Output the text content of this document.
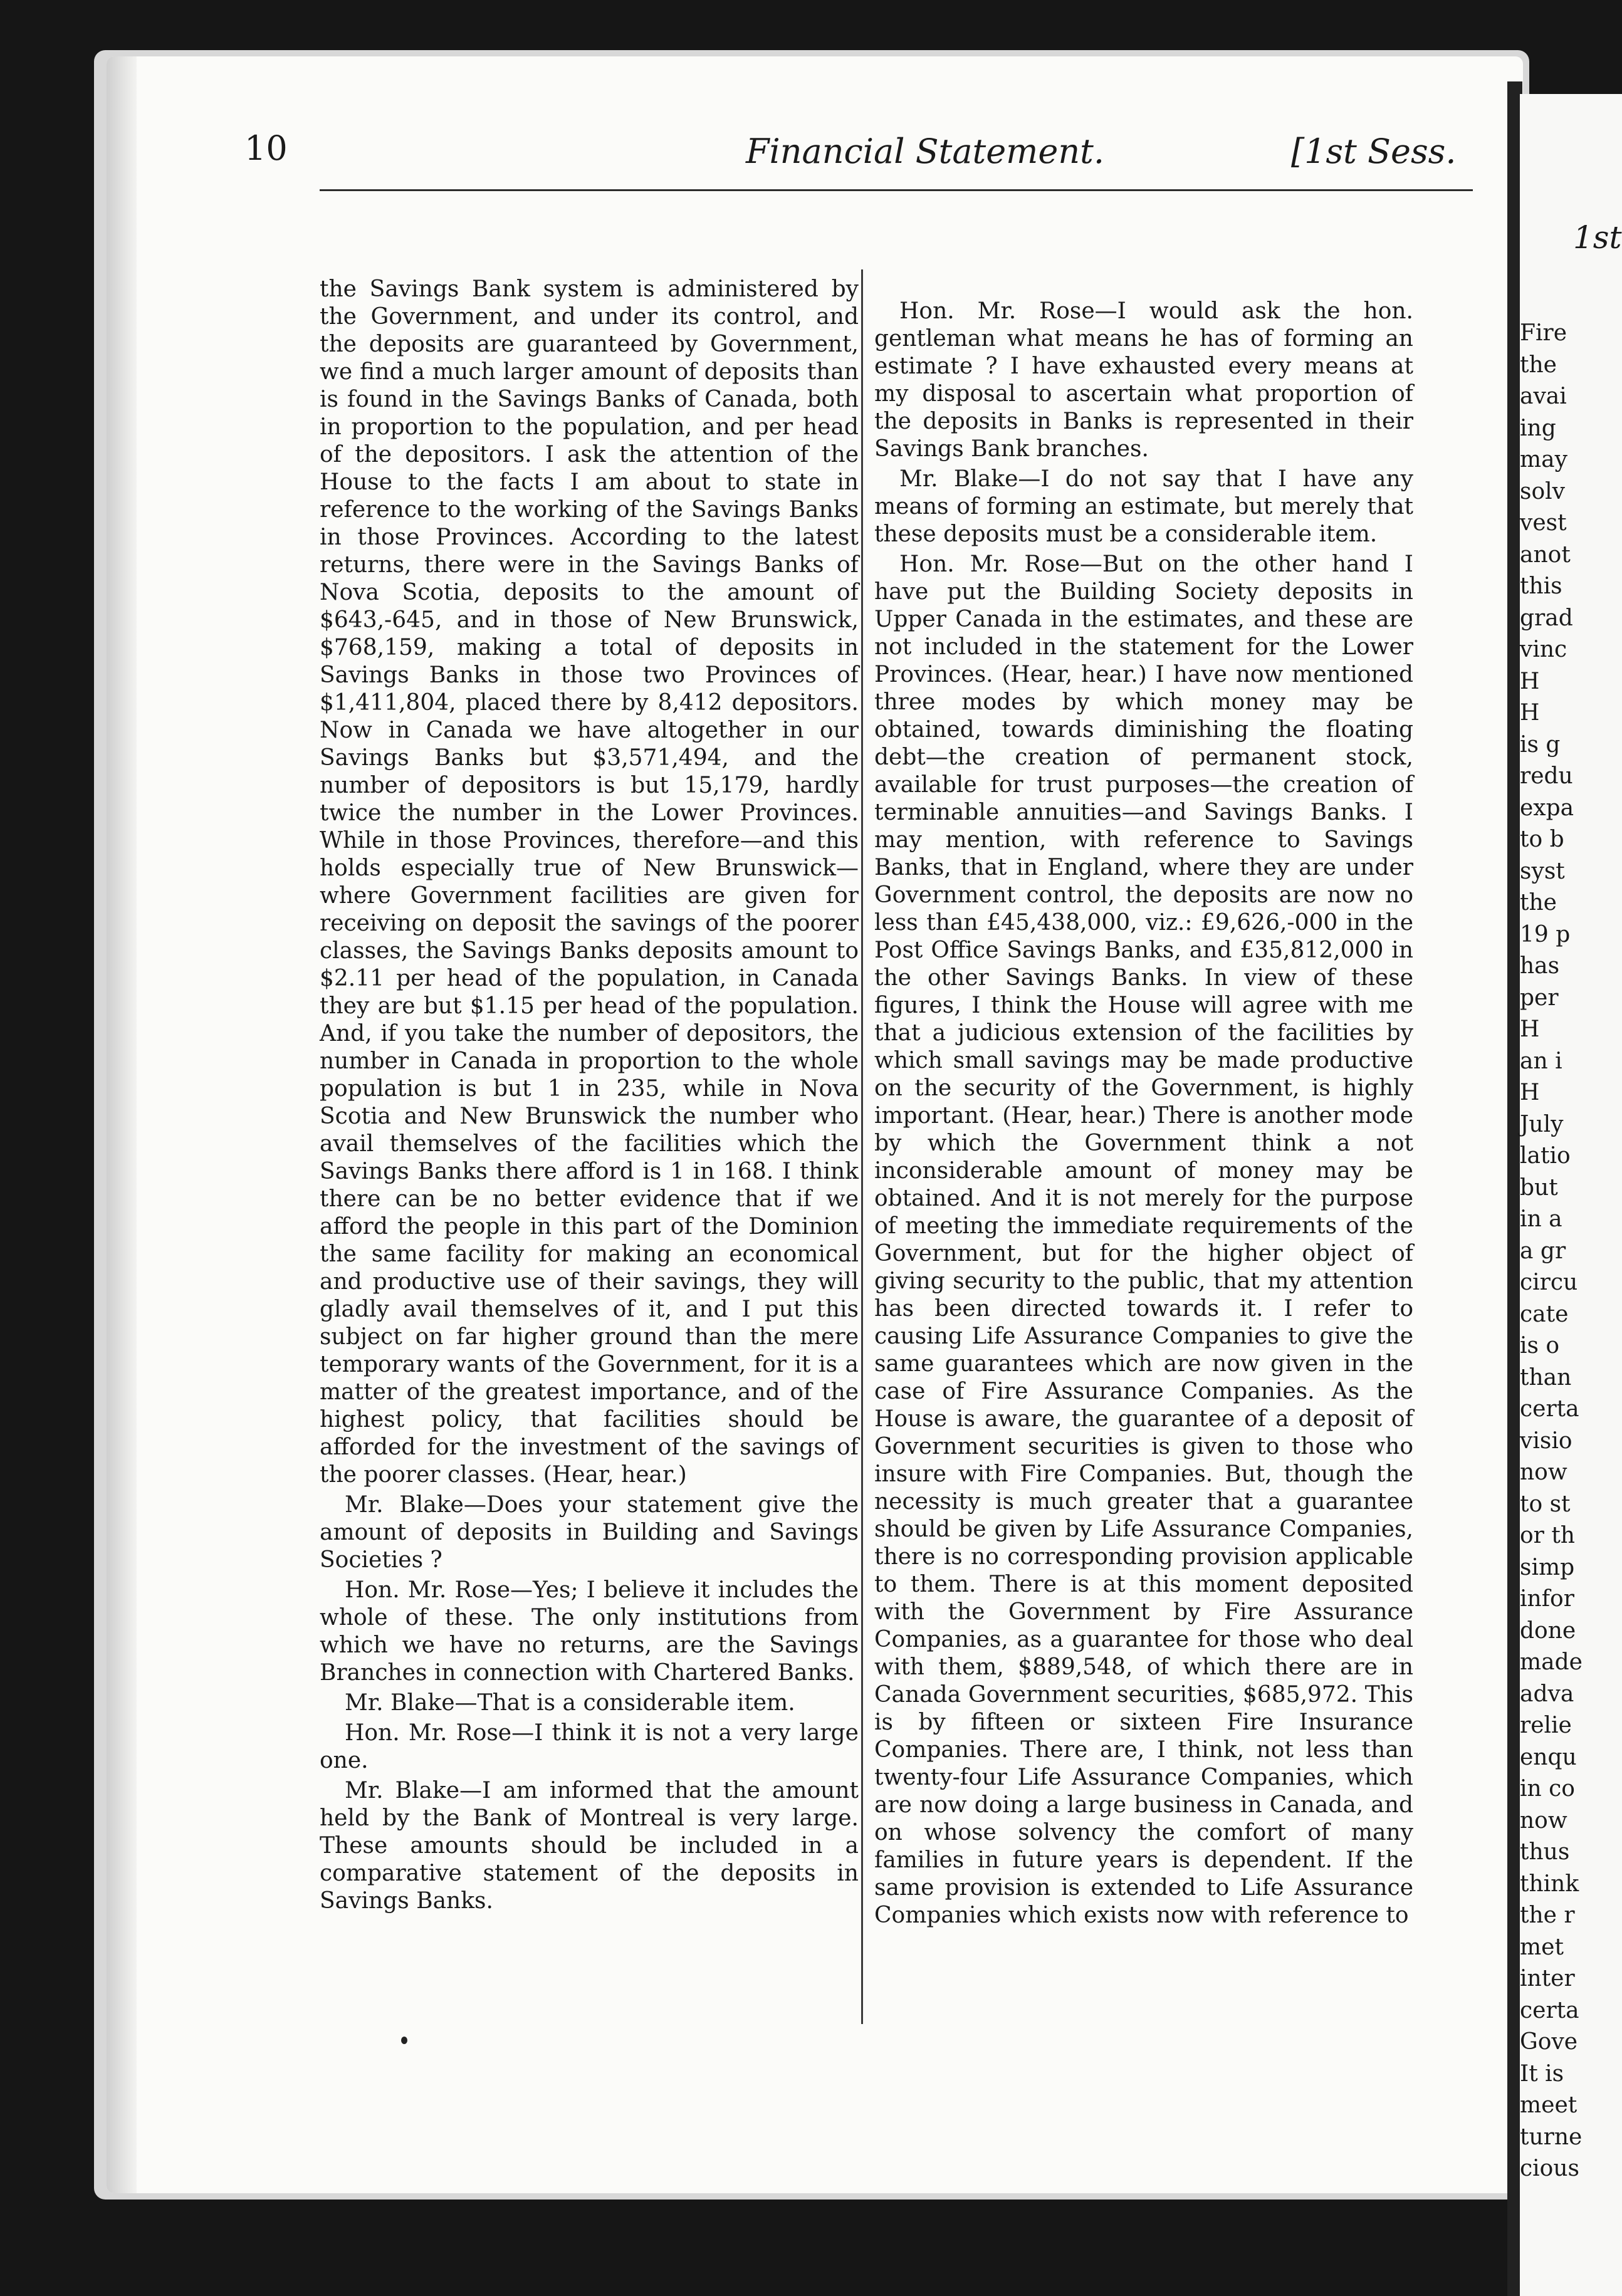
10	Financial Statement.	[1st Sess.
1st

the Savings Bank system is administered by the Government, and under its control, and the deposits are guaranteed by Government, we find a much larger amount of deposits than is found in the Savings Banks of Canada, both in proportion to the population, and per head of the depositors. I ask the attention of the House to the facts I am about to state in reference to the working of the Savings Banks in those Provinces. According to the latest returns, there were in the Savings Banks of Nova Scotia, deposits to the amount of $643,-645, and in those of New Brunswick, $768,159, making a total of deposits in Savings Banks in those two Provinces of $1,411,804, placed there by 8,412 depositors. Now in Canada we have altogether in our Savings Banks but $3,571,494, and the number of depositors is but 15,179, hardly twice the number in the Lower Provinces. While in those Provinces, therefore—and this holds especially true of New Brunswick—where Government facilities are given for receiving on deposit the savings of the poorer classes, the Savings Banks deposits amount to $2.11 per head of the population, in Canada they are but $1.15 per head of the population. And, if you take the number of depositors, the number in Canada in proportion to the whole population is but 1 in 235, while in Nova Scotia and New Brunswick the number who avail themselves of the facilities which the Savings Banks there afford is 1 in 168. I think there can be no better evidence that if we afford the people in this part of the Dominion the same facility for making an economical and productive use of their savings, they will gladly avail themselves of it, and I put this subject on far higher ground than the mere temporary wants of the Government, for it is a matter of the greatest importance, and of the highest policy, that facilities should be afforded for the investment of the savings of the poorer classes. (Hear, hear.)

Mr. Blake—Does your statement give the amount of deposits in Building and Savings Societies ?

Hon. Mr. Rose—Yes; I believe it includes the whole of these. The only institutions from which we have no returns, are the Savings Branches in connection with Chartered Banks.

Mr. Blake—That is a considerable item.

Hon. Mr. Rose—I think it is not a very large one.

Mr. Blake—I am informed that the amount held by the Bank of Montreal is very large. These amounts should be included in a comparative statement of the deposits in Savings Banks.

Hon. Mr. Rose—I would ask the hon. gentleman what means he has of forming an estimate ? I have exhausted every means at my disposal to ascertain what proportion of the deposits in Banks is represented in their Savings Bank branches.

Mr. Blake—I do not say that I have any means of forming an estimate, but merely that these deposits must be a considerable item.

Hon. Mr. Rose—But on the other hand I have put the Building Society deposits in Upper Canada in the estimates, and these are not included in the statement for the Lower Provinces. (Hear, hear.) I have now mentioned three modes by which money may be obtained, towards diminishing the floating debt—the creation of permanent stock, available for trust purposes—the creation of terminable annuities—and Savings Banks. I may mention, with reference to Savings Banks, that in England, where they are under Government control, the deposits are now no less than £45,438,000, viz.: £9,626,-000 in the Post Office Savings Banks, and £35,812,000 in the other Savings Banks. In view of these figures, I think the House will agree with me that a judicious extension of the facilities by which small savings may be made productive on the security of the Government, is highly important. (Hear, hear.) There is another mode by which the Government think a not inconsiderable amount of money may be obtained. And it is not merely for the purpose of meeting the immediate requirements of the Government, but for the higher object of giving security to the public, that my attention has been directed towards it. I refer to causing Life Assurance Companies to give the same guarantees which are now given in the case of Fire Assurance Companies. As the House is aware, the guarantee of a deposit of Government securities is given to those who insure with Fire Companies. But, though the necessity is much greater that a guarantee should be given by Life Assurance Companies, there is no corresponding provision applicable to them. There is at this moment deposited with the Government by Fire Assurance Companies, as a guarantee for those who deal with them, $889,548, of which there are in Canada Government securities, $685,972. This is by fifteen or sixteen Fire Insurance Companies. There are, I think, not less than twenty-four Life Assurance Companies, which are now doing a large business in Canada, and on whose solvency the comfort of many families in future years is dependent. If the same provision is extended to Life Assurance Companies which exists now with reference to

Fire
the
avai
ing
may
solv
vest
anot
this
grad
vinc
H
H
is g
redu
expa
to b
syst
the
19 p
has
per
H
an i
H
July
latio
but
in a
a gr
circu
cate
is o
than
certa
visio
now
to st
or th
simp
infor
done
made
adva
relie
enqu
in co
now
thus
think
the r
met
inter
certa
Gove
It is
meet
turne
cious
